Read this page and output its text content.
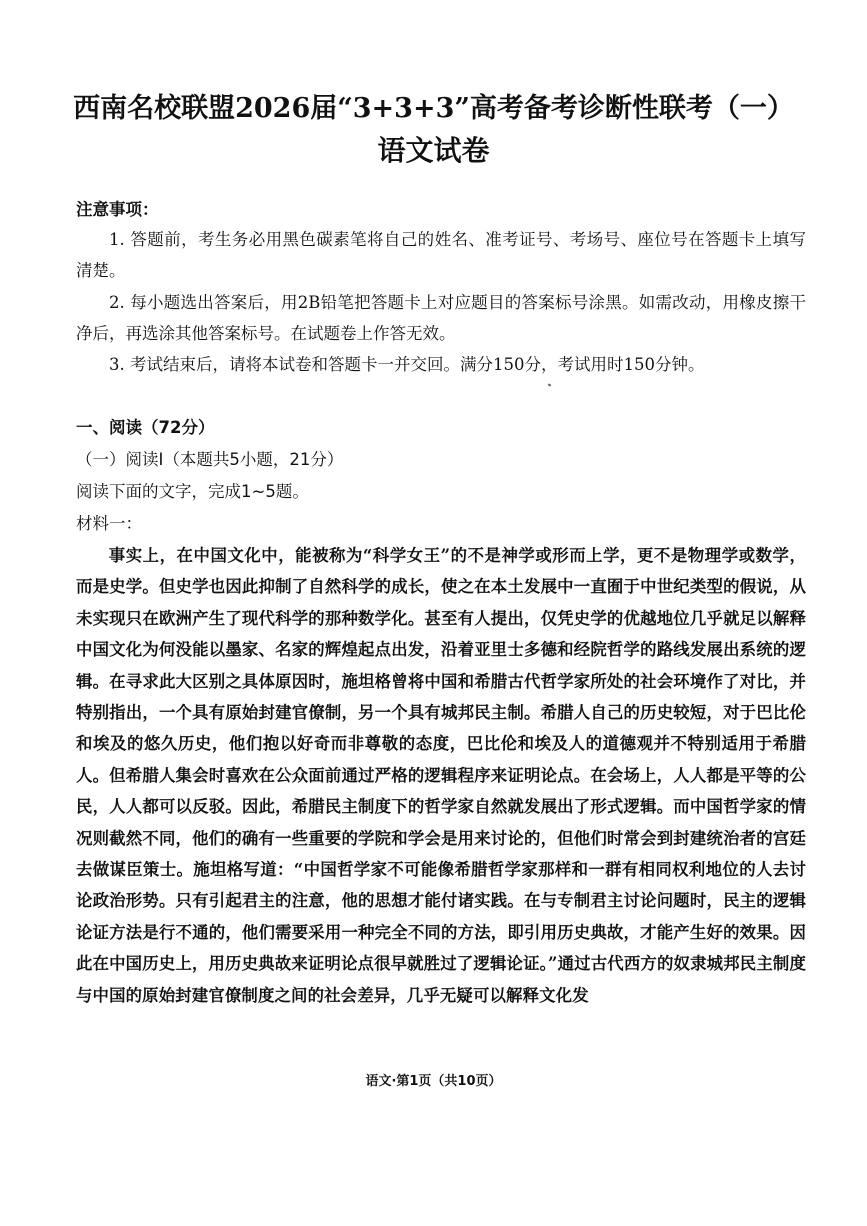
西南名校联盟2026届“3+3+3”高考备考诊断性联考（一）
语文试卷
注意事项：

1. 答题前，考生务必用黑色碳素笔将自己的姓名、准考证号、考场号、座位号在答题卡上填写清楚。

2. 每小题选出答案后，用2B铅笔把答题卡上对应题目的答案标号涂黑。如需改动，用橡皮擦干净后，再选涂其他答案标号。在试题卷上作答无效。

3. 考试结束后，请将本试卷和答题卡一并交回。满分150分，考试用时150分钟。

一、阅读（72分）
（一）阅读Ⅰ（本题共5小题，21分）
阅读下面的文字，完成1~5题。
材料一：
事实上，在中国文化中，能被称为“科学女王”的不是神学或形而上学，更不是物理学或数学，而是史学。但史学也因此抑制了自然科学的成长，使之在本土发展中一直囿于中世纪类型的假说，从未实现只在欧洲产生了现代科学的那种数学化。甚至有人提出，仅凭史学的优越地位几乎就足以解释中国文化为何没能以墨家、名家的辉煌起点出发，沿着亚里士多德和经院哲学的路线发展出系统的逻辑。在寻求此大区别之具体原因时，施坦格曾将中国和希腊古代哲学家所处的社会环境作了对比，并特别指出，一个具有原始封建官僚制，另一个具有城邦民主制。希腊人自己的历史较短，对于巴比伦和埃及的悠久历史，他们抱以好奇而非尊敬的态度，巴比伦和埃及人的道德观并不特别适用于希腊人。但希腊人集会时喜欢在公众面前通过严格的逻辑程序来证明论点。在会场上，人人都是平等的公民，人人都可以反驳。因此，希腊民主制度下的哲学家自然就发展出了形式逻辑。而中国哲学家的情况则截然不同，他们的确有一些重要的学院和学会是用来讨论的，但他们时常会到封建统治者的宫廷去做谋臣策士。施坦格写道：“中国哲学家不可能像希腊哲学家那样和一群有相同权利地位的人去讨论政治形势。只有引起君主的注意，他的思想才能付诸实践。在与专制君主讨论问题时，民主的逻辑论证方法是行不通的，他们需要采用一种完全不同的方法，即引用历史典故，才能产生好的效果。因此在中国历史上，用历史典故来证明论点很早就胜过了逻辑论证。”通过古代西方的奴隶城邦民主制度与中国的原始封建官僚制度之间的社会差异，几乎无疑可以解释文化发
语文·第1页（共10页）
